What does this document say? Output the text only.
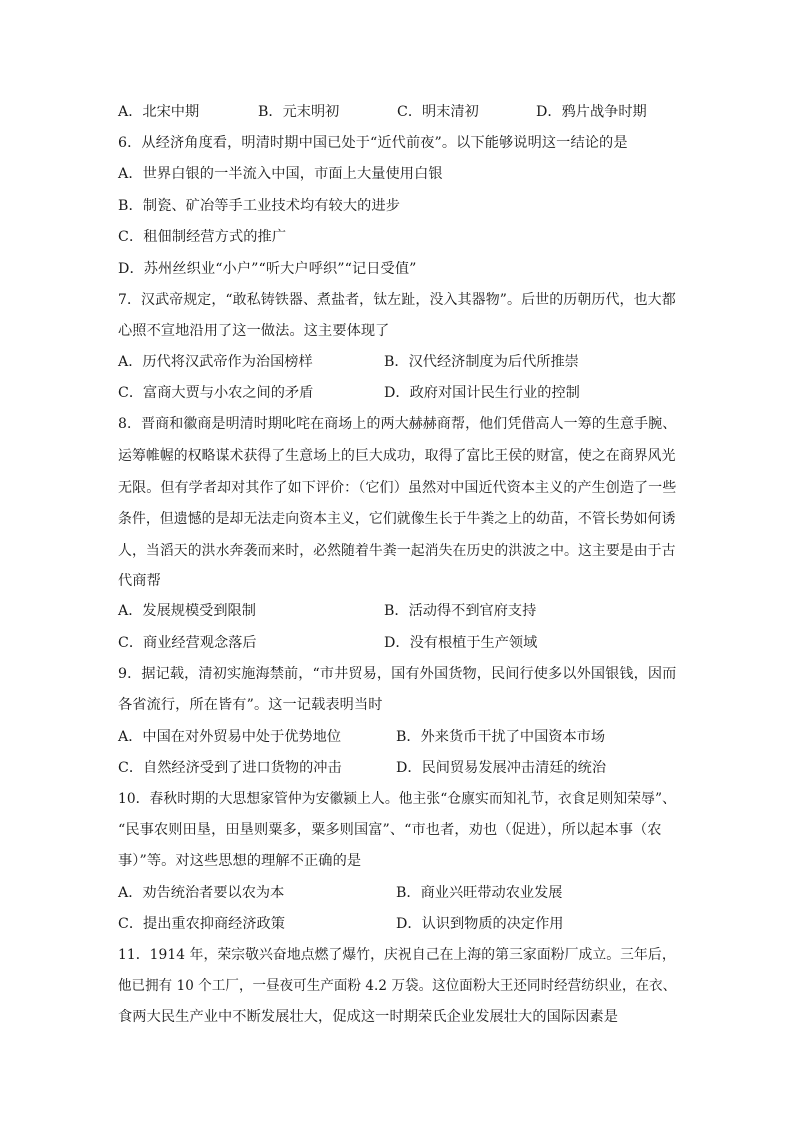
A．北宋中期	B．元末明初	C．明末清初	D．鸦片战争时期
6．从经济角度看，明清时期中国已处于“近代前夜”。以下能够说明这一结论的是
A．世界白银的一半流入中国，市面上大量使用白银
B．制瓷、矿冶等手工业技术均有较大的进步
C．租佃制经营方式的推广
D．苏州丝织业“小户”“听大户呼织”“记日受值”
7．汉武帝规定，“敢私铸铁器、煮盐者，钛左趾，没入其器物”。后世的历朝历代，也大都
心照不宣地沿用了这一做法。这主要体现了
A．历代将汉武帝作为治国榜样	B．汉代经济制度为后代所推崇
C．富商大贾与小农之间的矛盾	D．政府对国计民生行业的控制
8．晋商和徽商是明清时期叱咤在商场上的两大赫赫商帮，他们凭借高人一筹的生意手腕、
运筹帷幄的权略谋术获得了生意场上的巨大成功，取得了富比王侯的财富，使之在商界风光
无限。但有学者却对其作了如下评价：（它们）虽然对中国近代资本主义的产生创造了一些
条件，但遗憾的是却无法走向资本主义，它们就像生长于牛粪之上的幼苗，不管长势如何诱
人，当滔天的洪水奔袭而来时，必然随着牛粪一起消失在历史的洪波之中。这主要是由于古
代商帮
A．发展规模受到限制	B．活动得不到官府支持
C．商业经营观念落后	D．没有根植于生产领域
9．据记载，清初实施海禁前，“市井贸易，国有外国货物，民间行使多以外国银钱，因而
各省流行，所在皆有”。这一记载表明当时
A．中国在对外贸易中处于优势地位	B．外来货币干扰了中国资本市场
C．自然经济受到了进口货物的冲击	D．民间贸易发展冲击清廷的统治
10．春秋时期的大思想家管仲为安徽颍上人。他主张“仓廪实而知礼节，衣食足则知荣辱”、
“民事农则田垦，田垦则粟多，粟多则国富”、“市也者，劝也（促进），所以起本事（农
事）”等。对这些思想的理解不正确的是
A．劝告统治者要以农为本	B．商业兴旺带动农业发展
C．提出重农抑商经济政策	D．认识到物质的决定作用
11．1914 年，荣宗敬兴奋地点燃了爆竹，庆祝自己在上海的第三家面粉厂成立。三年后，
他已拥有 10 个工厂，一昼夜可生产面粉 4.2 万袋。这位面粉大王还同时经营纺织业，在衣、
食两大民生产业中不断发展壮大，促成这一时期荣氏企业发展壮大的国际因素是
